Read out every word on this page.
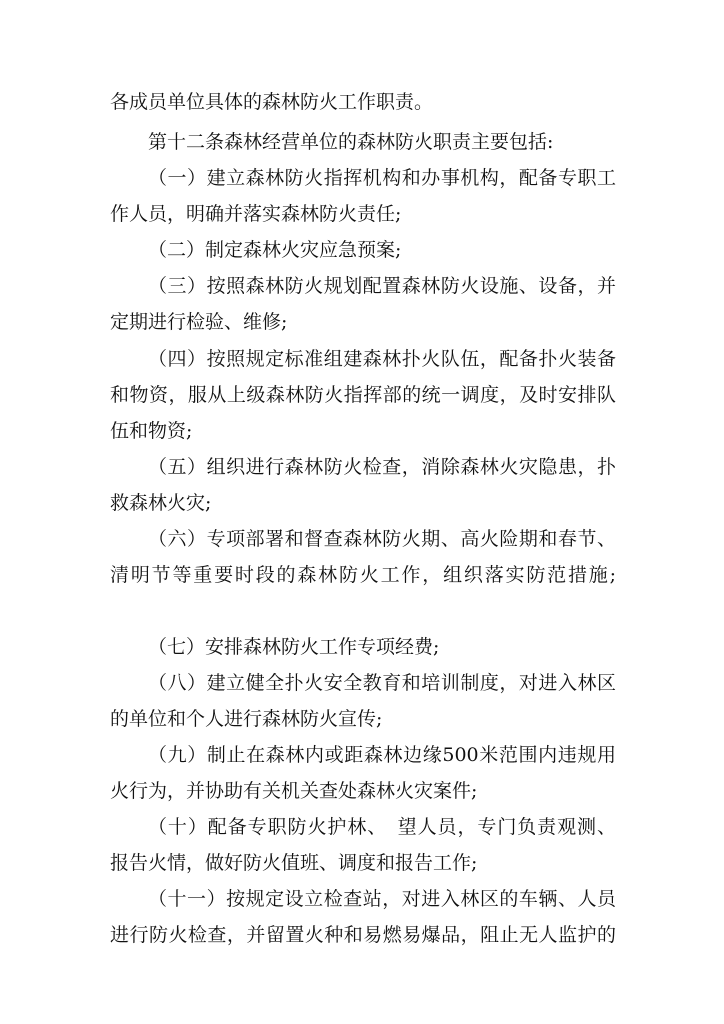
各成员单位具体的森林防火工作职责。
第十二条森林经营单位的森林防火职责主要包括:
（一）建立森林防火指挥机构和办事机构，配备专职工
作人员，明确并落实森林防火责任;
（二）制定森林火灾应急预案;
（三）按照森林防火规划配置森林防火设施、设备，并
定期进行检验、维修;
（四）按照规定标准组建森林扑火队伍，配备扑火装备
和物资，服从上级森林防火指挥部的统一调度，及时安排队
伍和物资;
（五）组织进行森林防火检查，消除森林火灾隐患，扑
救森林火灾;
（六）专项部署和督查森林防火期、高火险期和春节、
清明节等重要时段的森林防火工作，组织落实防范措施;
（七）安排森林防火工作专项经费;
（八）建立健全扑火安全教育和培训制度，对进入林区
的单位和个人进行森林防火宣传;
（九）制止在森林内或距森林边缘500米范围内违规用
火行为，并协助有关机关查处森林火灾案件;
（十）配备专职防火护林、　望人员，专门负责观测、
报告火情，做好防火值班、调度和报告工作;
（十一）按规定设立检查站，对进入林区的车辆、人员
进行防火检查，并留置火种和易燃易爆品，阻止无人监护的
